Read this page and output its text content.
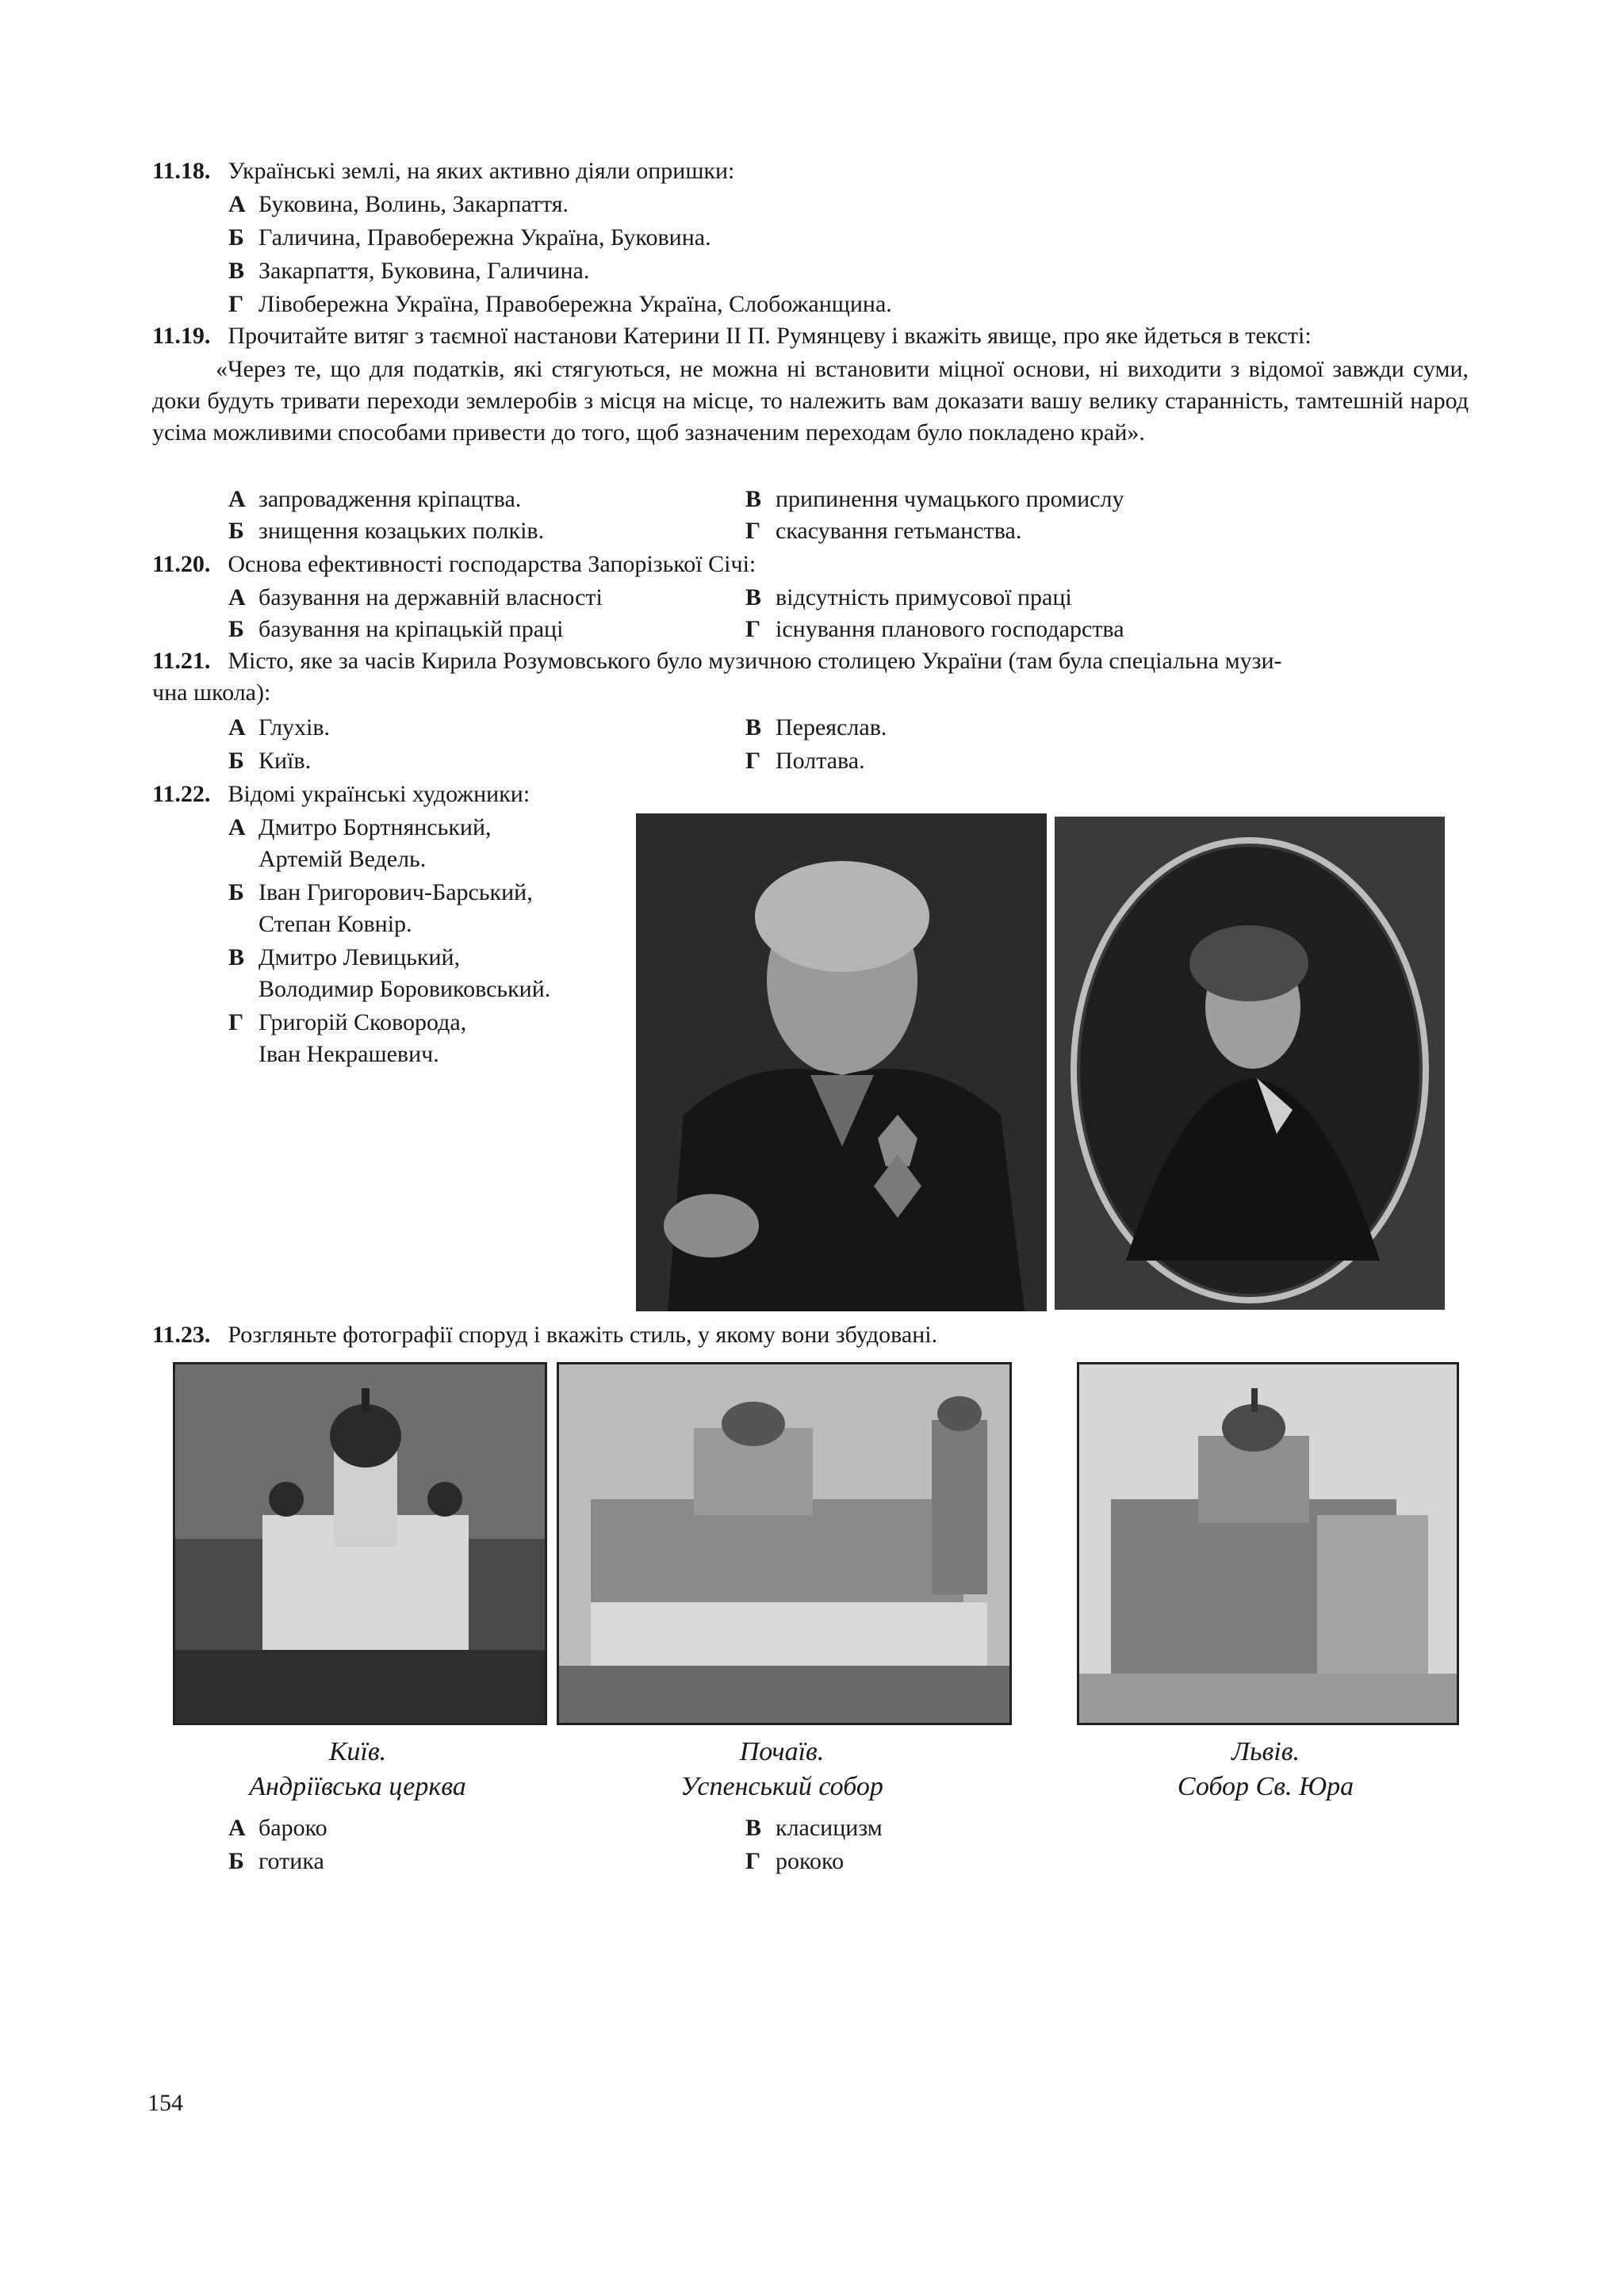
11.18. Українські землі, на яких активно діяли опришки:
А Буковина, Волинь, Закарпаття.
Б Галичина, Правобережна Україна, Буковина.
В Закарпаття, Буковина, Галичина.
Г Лівобережна Україна, Правобережна Україна, Слобожанщина.
11.19. Прочитайте витяг з таємної настанови Катерини II П. Румянцеву і вкажіть явище, про яке йдеться в тексті:
«Через те, що для податків, які стягуються, не можна ні встановити міцної основи, ні виходити з відомої завжди суми, доки будуть тривати переходи землеробів з місця на місце, то належить вам доказати вашу велику старанність, тамтешній народ усіма можливими способами привести до того, щоб зазначеним переходам було покладено край».
А запровадження кріпацтва.
Б знищення козацьких полків.
В припинення чумацького промислу
Г скасування гетьманства.
11.20. Основа ефективності господарства Запорізької Січі:
А базування на державній власності
Б базування на кріпацькій праці
В відсутність примусової праці
Г існування планового господарства
11.21. Місто, яке за часів Кирила Розумовського було музичною столицею України (там була спеціальна музи-
чна школа):
А Глухів.
Б Київ.
В Переяслав.
Г Полтава.
11.22. Відомі українські художники:
А Дмитро Бортнянський,
Артемій Ведель.
Б Іван Григорович-Барський,
Степан Ковнір.
В Дмитро Левицький,
Володимир Боровиковський.
Г Григорій Сковорода,
Іван Некрашевич.
11.23. Розгляньте фотографії споруд і вкажіть стиль, у якому вони збудовані.
Київ.
Андріївська церква
Почаїв.
Успенський собор
Львів.
Собор Св. Юра
А бароко
Б готика
В класицизм
Г рококо
154
